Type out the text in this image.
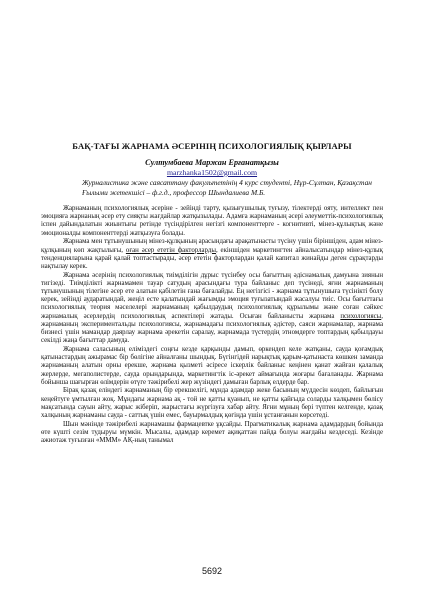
БАҚ-ТАҒЫ ЖАРНАМА ӘСЕРІНІҢ ПСИХОЛОГИЯЛЫҚ ҚЫРЛАРЫ
Султумбаева Маржан Ерғанатқызы
marzhanka1502@gmail.com
Журналистика және саясаттану факультетінің 4 курс студенті, Нұр-Сұлтан, Қазақстан
Ғылыми жетекшісі – ф.г.д., профессор Шындалиева М.Б.

Жарнаманың психологиялық әсеріне - зейінді тарту, қызығушылық туғызу, тілектерді ояту, интеллект пен эмоцияға жарнаның әсер ету сияқты жағдайлар жатқызылады. Адамға жарнаманың әсері әлеуметтік-психологиялық іспен дайындалатын жиынтығы ретінде түсіндірілген негізгі компоненттерге - когнитивті, мінез-құлықтық және эмоционалды компоненттерді жатқызуға болады.

Жарнама мен тұтынушының мінез-құлқының арасындағы арақатынасты түсіну үшін біріншіден, адам мінез-құлқының көп жақтылығы, оған әсер ететін факторларды, екіншіден маркетингтен айналысатындар мінез-құлық тенденцияларына қарай қалай топтастырады, әсер ететін факторлардан қалай капитал жинайды деген сұрақтарды нақтылау керек.

Жарнама әсерінің психологиялық тиімділігін дұрыс түсінбеу осы бағыттың әдіснамалық дамуына зиянын тигізеді. Тиімділікті жарнамамен тауар сатудың арасындағы тура байланыс деп түсінеді, яғни жарнаманың тұтынушының тілегіне әсер ете алатын қабілетін ғана бағалайды. Ең негізгісі - жарнама тұтынушыға түсінікті болу керек, зейінді аударатындай, жеңіл есте қалатындай жағымды эмоция туғызатындай жасалуы тиіс. Осы бағыттағы психологиялық теория мәселелері жарнаманың қабылдаудың психологиялық құрылымы және соған сәйкес жарнамалық әсерлердің психологиялық аспектілері жатады. Осыған байланысты жарнама психологиясы, жарнаманың экспериментальды психологиясы, жарнамадағы психологиялық әдістер, саяси жарнамалар, жарнама бизнесі үшін мамандар даярлау жарнама әрекетін саралау, жарнамада түстердің этномдерге топтардың қабылдауы секілді жаңа бағыттар дамуда.

Жарнама саласының еліміздегі соңғы кезде қарқынды дамып, өркендеп келе жатқаны, сауда қоғамдық қатынастардың ажырамас бір бөлігіне айналғаны шындық. Бүгінгідей нарықтық қарым-қатынаста көшкен заманда жарнаманың алатын орны ерекше, жарнама қызметі әсіресе іскерлік байланыс кеңінен қанат жайған қалалық жерлерде, мегаполистерде, сауда орындарында, маркетингтік іс-әрекет аймағында жоғары бағаланады. Жарнама бойынша шағырған өлімдерін өтүге тәжірибелі жер жүзіндегі дамыған барлық елдерде бар.

Бірақ қазақ еліндегі жарнаманың бір ерекшелігі, мұнда адамдар жеке басының мүддесін көздеп, байлығын кеңейтуге ұмтылған жоқ. Мұндағы жарнама ақ - той не қатты қуанып, не қатты қайғыда соларды халқымен бөлісу мақсатында сауын айту, жарыс жіберіп, жарыстағы жүргізуға хабар айту. Яғни мұның бері түптен келгенде, қазақ халқының жарнаманы сауда - саттық үшін емес, бауырмалдық қөгіңда үшін ұстанғанын көрсетеді.

Шын мәнінде тәжірибелі жарнамашы фармацевтке ұқсайды. Прагматикалық жарнама адамдардың бойында өте күшті сезім тудыруы мүмкін. Мысалы, адамдар керемет ақиқаттан пайда болуы жағдайы кездеседі. Кезінде ажиотаж туғызған «МММ» АҚ-ның танымал

5692
